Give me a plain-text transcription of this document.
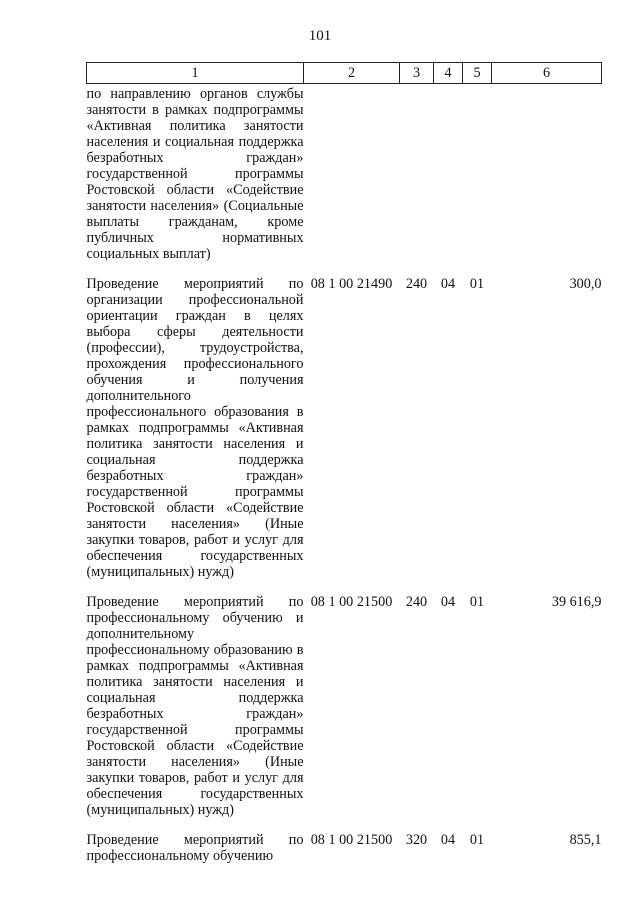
101
1	2	3	4	5	6

по направлению органов службы занятости в рамках подпрограммы «Активная политика занятости населения и социальная поддержка безработных граждан» государственной программы Ростовской области «Содействие занятости населения» (Социальные выплаты гражданам, кроме публичных нормативных социальных выплат)					

Проведение мероприятий по организации профессиональной ориентации граждан в целях выбора сферы деятельности (профессии), трудоустройства, прохождения профессионального обучения и получения дополнительного профессионального образования в рамках подпрограммы «Активная политика занятости населения и социальная поддержка безработных граждан» государственной программы Ростовской области «Содействие занятости населения» (Иные закупки товаров, работ и услуг для обеспечения государственных (муниципальных) нужд)	08 1 00 21490	240	04	01	300,0

Проведение мероприятий по профессиональному обучению и дополнительному профессиональному образованию в рамках подпрограммы «Активная политика занятости населения и социальная поддержка безработных граждан» государственной программы Ростовской области «Содействие занятости населения» (Иные закупки товаров, работ и услуг для обеспечения государственных (муниципальных) нужд)	08 1 00 21500	240	04	01	39 616,9

Проведение мероприятий по профессиональному обучению	08 1 00 21500	320	04	01	855,1
